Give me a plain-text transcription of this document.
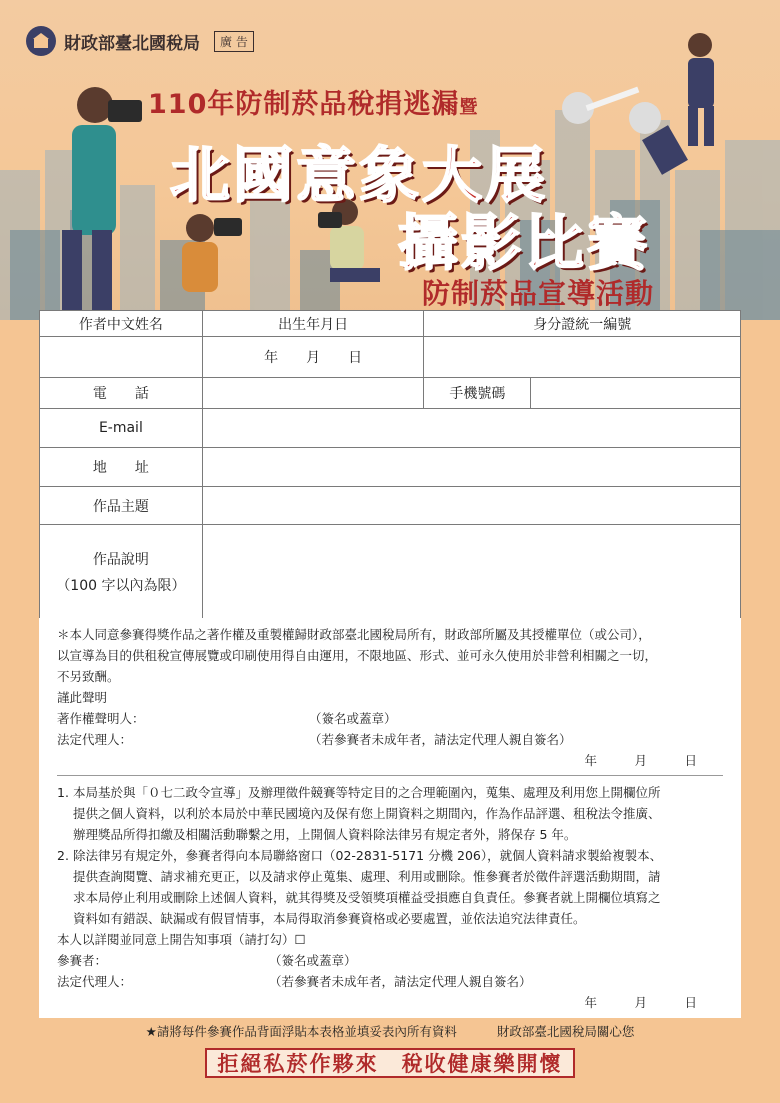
財政部臺北國稅局	廣 告
110年防制菸品稅捐逃漏暨
北國意象大展
攝影比賽
防制菸品宣導活動
作者中文姓名	出生年月日	身分證統一編號	
	年　　月　　日		
電　　話		手機號碼	
E-mail			
地　　址			
作品主題			

作品說明
（100 字以內為限）			

＊本人同意參賽得獎作品之著作權及重製權歸財政部臺北國稅局所有，財政部所屬及其授權單位（或公司），

以宣導為目的供租稅宣傳展覽或印刷使用得自由運用，不限地區、形式、並可永久使用於非營利相關之一切，

不另致酬。

謹此聲明

著作權聲明人：	（簽名或蓋章）
法定代理人：	（若參賽者未成年者，請法定代理人親自簽名）

年　　　月　　　日

1. 本局基於與「０七二政令宣導」及辦理徵件競賽等特定目的之合理範圍內，蒐集、處理及利用您上開欄位所

提供之個人資料，以利於本局於中華民國境內及保有您上開資料之期間內，作為作品評選、租稅法令推廣、

辦理獎品所得扣繳及相關活動聯繫之用，上開個人資料除法律另有規定者外，將保存 5 年。

2. 除法律另有規定外，參賽者得向本局聯絡窗口（02-2831-5171 分機 206），就個人資料請求製給複製本、

提供查詢閱覽、請求補充更正，以及請求停止蒐集、處理、利用或刪除。惟參賽者於徵件評選活動期間，請

求本局停止利用或刪除上述個人資料，就其得獎及受領獎項權益受損應自負責任。參賽者就上開欄位填寫之

資料如有錯誤、缺漏或有假冒情事，本局得取消參賽資格或必要處置，並依法追究法律責任。

本人以詳閱並同意上開告知事項（請打勾）☐

參賽者：	（簽名或蓋章）
法定代理人：	（若參賽者未成年者，請法定代理人親自簽名）

年　　　月　　　日

★請將每件參賽作品背面浮貼本表格並填妥表內所有資料	財政部臺北國稅局關心您
拒絕私菸作夥來　稅收健康樂開懷
